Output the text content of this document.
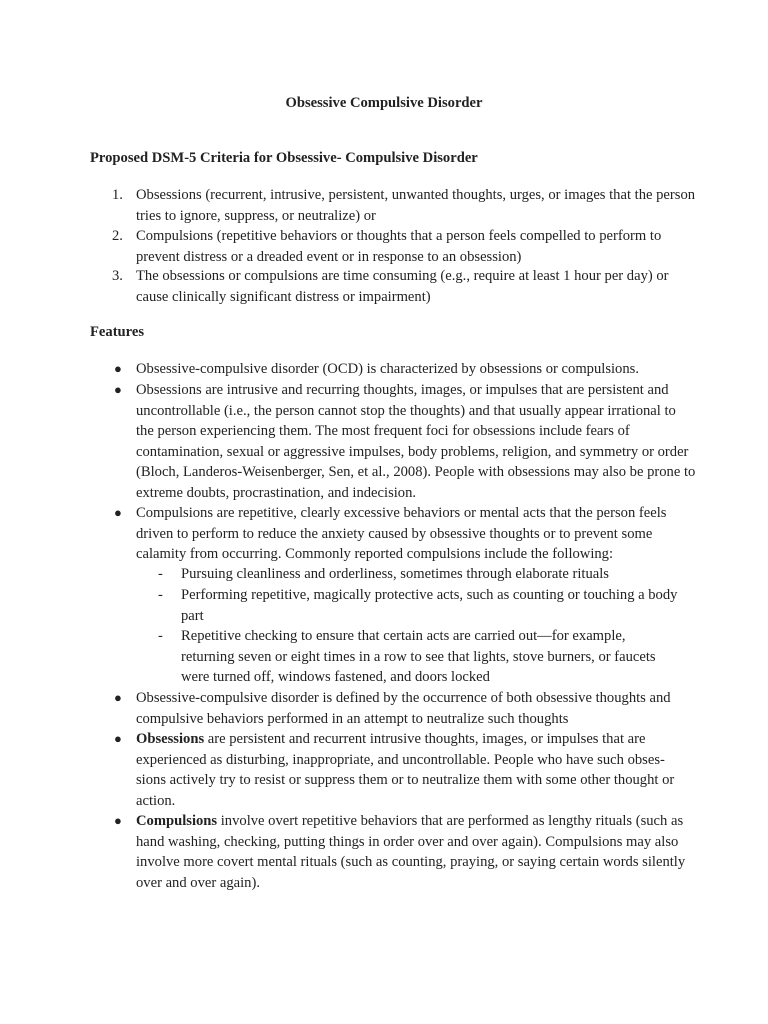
Obsessive Compulsive Disorder
Proposed DSM-5 Criteria for Obsessive- Compulsive Disorder
1. Obsessions (recurrent, intrusive, persistent, unwanted thoughts, urges, or images that the person tries to ignore, suppress, or neutralize) or
2. Compulsions (repetitive behaviors or thoughts that a person feels compelled to perform to prevent distress or a dreaded event or in response to an obsession)
3. The obsessions or compulsions are time consuming (e.g., require at least 1 hour per day) or cause clinically significant distress or impairment)
Features
● Obsessive-compulsive disorder (OCD) is characterized by obsessions or compulsions.
● Obsessions are intrusive and recurring thoughts, images, or impulses that are persistent and uncontrollable (i.e., the person cannot stop the thoughts) and that usually appear irrational to the person experiencing them. The most frequent foci for obsessions include fears of contamination, sexual or aggressive impulses, body problems, religion, and symmetry or order (Bloch, Landeros-Weisenberger, Sen, et al., 2008). People with obsessions may also be prone to extreme doubts, procrastination, and indecision.
● Compulsions are repetitive, clearly excessive behaviors or mental acts that the person feels driven to perform to reduce the anxiety caused by obsessive thoughts or to prevent some calamity from occurring. Commonly reported compulsions include the following:
- Pursuing cleanliness and orderliness, sometimes through elaborate rituals
- Performing repetitive, magically protective acts, such as counting or touching a body part
- Repetitive checking to ensure that certain acts are carried out—for example, returning seven or eight times in a row to see that lights, stove burners, or faucets were turned off, windows fastened, and doors locked
● Obsessive-compulsive disorder is defined by the occurrence of both obsessive thoughts and compulsive behaviors performed in an attempt to neutralize such thoughts
● Obsessions are persistent and recurrent intrusive thoughts, images, or impulses that are experienced as disturbing, inappropriate, and uncontrollable. People who have such obses- sions actively try to resist or suppress them or to neutralize them with some other thought or action.
● Compulsions involve overt repetitive behaviors that are performed as lengthy rituals (such as hand washing, checking, putting things in order over and over again). Compulsions may also involve more covert mental rituals (such as counting, praying, or saying certain words silently over and over again).
